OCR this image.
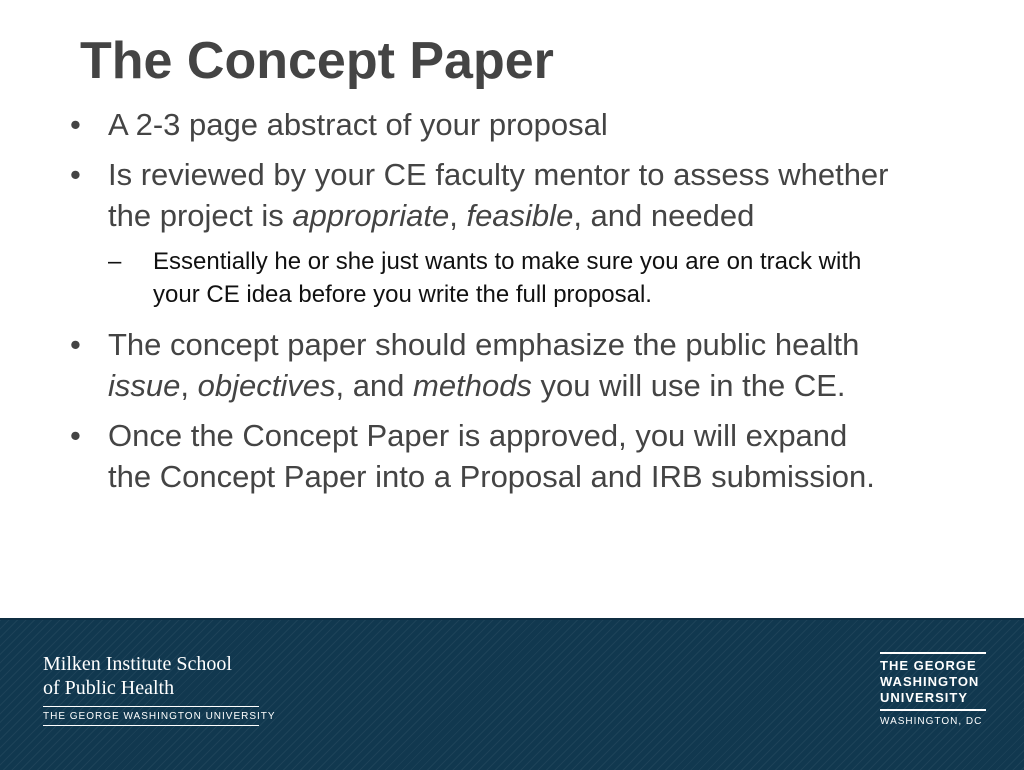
The Concept Paper
• A 2-3 page abstract of your proposal
• Is reviewed by your CE faculty mentor to assess whether the project is appropriate, feasible, and needed
– Essentially he or she just wants to make sure you are on track with your CE idea before you write the full proposal.
• The concept paper should emphasize the public health issue, objectives, and methods you will use in the CE.
• Once the Concept Paper is approved, you will expand the Concept Paper into a Proposal and IRB submission.
Milken Institute School
of Public Health
THE GEORGE WASHINGTON UNIVERSITY
THE GEORGE
WASHINGTON
UNIVERSITY
WASHINGTON, DC
